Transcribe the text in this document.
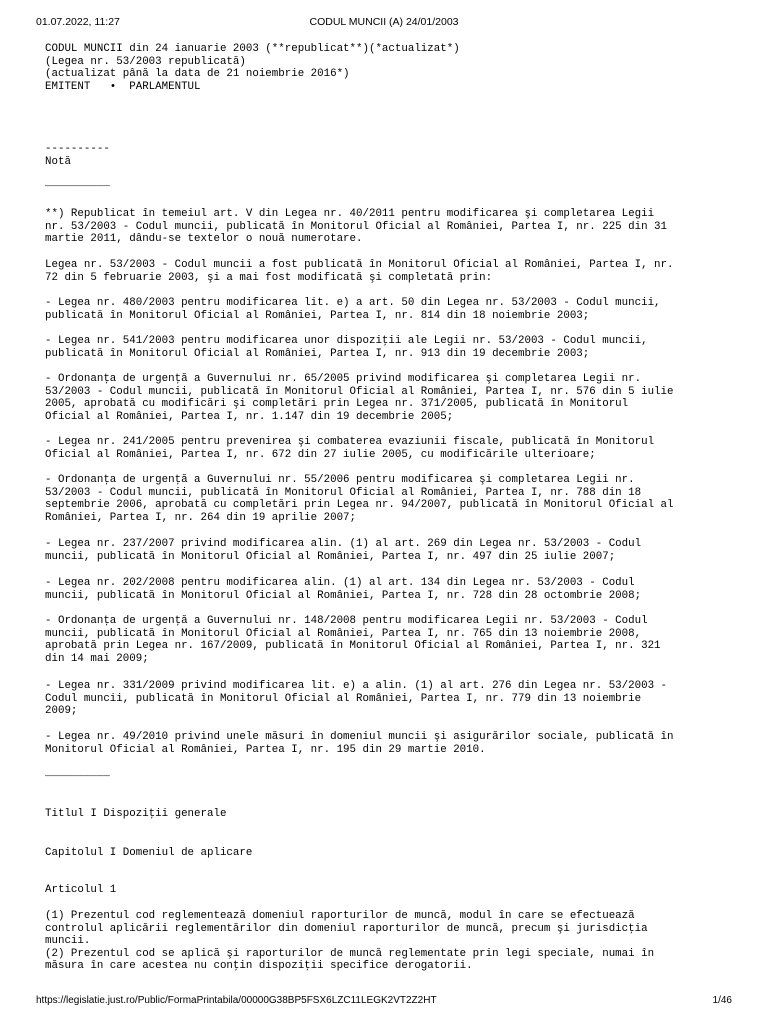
01.07.2022, 11:27	CODUL MUNCII (A) 24/01/2003
CODUL MUNCII din 24 ianuarie 2003 (**republicat**)(*actualizat*)
(Legea nr. 53/2003 republicată)
(actualizat până la data de 21 noiembrie 2016*)
EMITENT   •  PARLAMENTUL
----------
Notă
__________
**) Republicat în temeiul art. V din Legea nr. 40/2011 pentru modificarea şi completarea Legii
nr. 53/2003 - Codul muncii, publicată în Monitorul Oficial al României, Partea I, nr. 225 din 31
martie 2011, dându-se textelor o nouă numerotare.
Legea nr. 53/2003 - Codul muncii a fost publicată în Monitorul Oficial al României, Partea I, nr.
72 din 5 februarie 2003, şi a mai fost modificată şi completată prin:
- Legea nr. 480/2003 pentru modificarea lit. e) a art. 50 din Legea nr. 53/2003 - Codul muncii,
publicată în Monitorul Oficial al României, Partea I, nr. 814 din 18 noiembrie 2003;
- Legea nr. 541/2003 pentru modificarea unor dispoziţii ale Legii nr. 53/2003 - Codul muncii,
publicată în Monitorul Oficial al României, Partea I, nr. 913 din 19 decembrie 2003;
- Ordonanţa de urgenţă a Guvernului nr. 65/2005 privind modificarea şi completarea Legii nr.
53/2003 - Codul muncii, publicată în Monitorul Oficial al României, Partea I, nr. 576 din 5 iulie
2005, aprobată cu modificări şi completări prin Legea nr. 371/2005, publicată în Monitorul
Oficial al României, Partea I, nr. 1.147 din 19 decembrie 2005;
- Legea nr. 241/2005 pentru prevenirea şi combaterea evaziunii fiscale, publicată în Monitorul
Oficial al României, Partea I, nr. 672 din 27 iulie 2005, cu modificările ulterioare;
- Ordonanţa de urgenţă a Guvernului nr. 55/2006 pentru modificarea şi completarea Legii nr.
53/2003 - Codul muncii, publicată în Monitorul Oficial al României, Partea I, nr. 788 din 18
septembrie 2006, aprobată cu completări prin Legea nr. 94/2007, publicată în Monitorul Oficial al
României, Partea I, nr. 264 din 19 aprilie 2007;
- Legea nr. 237/2007 privind modificarea alin. (1) al art. 269 din Legea nr. 53/2003 - Codul
muncii, publicată în Monitorul Oficial al României, Partea I, nr. 497 din 25 iulie 2007;
- Legea nr. 202/2008 pentru modificarea alin. (1) al art. 134 din Legea nr. 53/2003 - Codul
muncii, publicată în Monitorul Oficial al României, Partea I, nr. 728 din 28 octombrie 2008;
- Ordonanţa de urgenţă a Guvernului nr. 148/2008 pentru modificarea Legii nr. 53/2003 - Codul
muncii, publicată în Monitorul Oficial al României, Partea I, nr. 765 din 13 noiembrie 2008,
aprobată prin Legea nr. 167/2009, publicată în Monitorul Oficial al României, Partea I, nr. 321
din 14 mai 2009;
- Legea nr. 331/2009 privind modificarea lit. e) a alin. (1) al art. 276 din Legea nr. 53/2003 -
Codul muncii, publicată în Monitorul Oficial al României, Partea I, nr. 779 din 13 noiembrie
2009;
- Legea nr. 49/2010 privind unele măsuri în domeniul muncii şi asigurărilor sociale, publicată în
Monitorul Oficial al României, Partea I, nr. 195 din 29 martie 2010.
__________
Titlul I Dispoziţii generale
Capitolul I Domeniul de aplicare
Articolul 1
(1) Prezentul cod reglementează domeniul raporturilor de muncă, modul în care se efectuează
controlul aplicării reglementărilor din domeniul raporturilor de muncă, precum şi jurisdicţia
muncii.
(2) Prezentul cod se aplică şi raporturilor de muncă reglementate prin legi speciale, numai în
măsura în care acestea nu conţin dispoziţii specifice derogatorii.
https://legislatie.just.ro/Public/FormaPrintabila/00000G38BP5FSX6LZC11LEGK2VT2Z2HT	1/46
